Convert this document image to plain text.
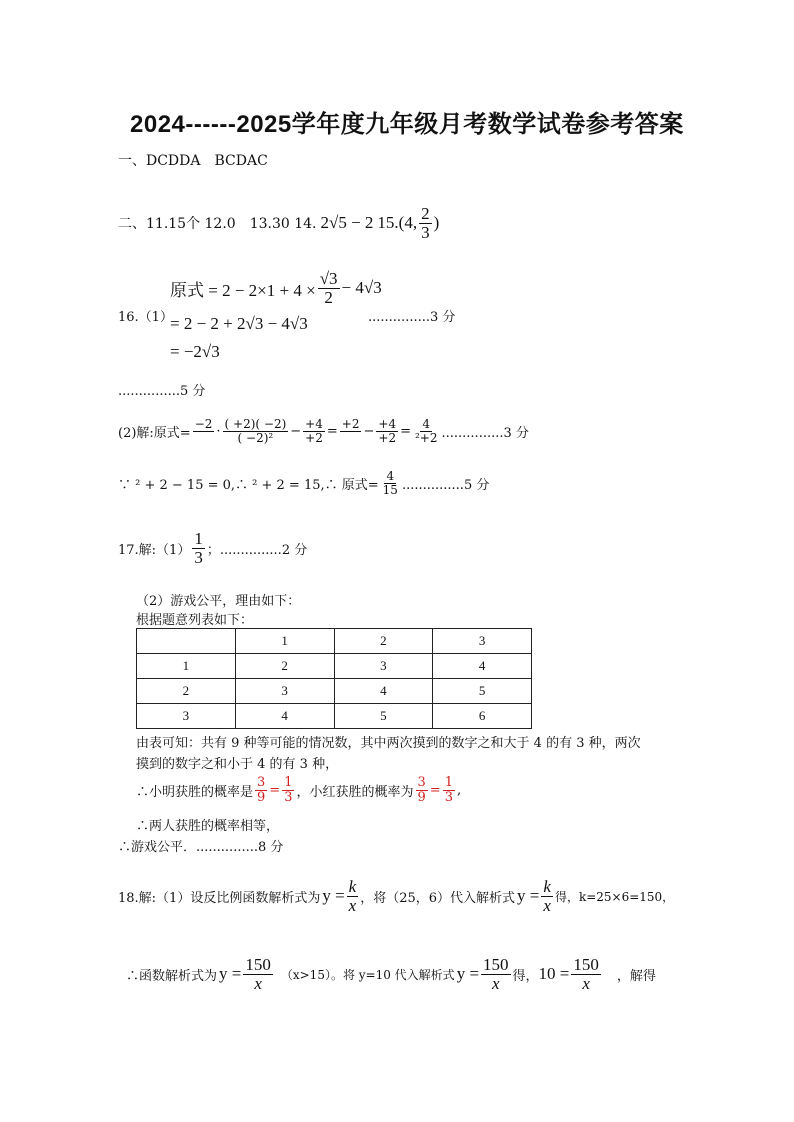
2024------2025学年度九年级月考数学试卷参考答案
一、DCDDA　BCDAC
二、11.15个 12.0　13.30 14. 2√5 − 2 15.(4, $\frac{2}{3}$ )
16.（1）
原式 = $2 - 2\times 1 + 4 \times \frac{√3}{2} - 4√3$
= 2 − 2 + 2√3 − 4√3
= −2√3
...............3 分
...............5 分
(2)解:原式=
−2
· $\frac{( +2)( -2)}{\text{( −2)²}} - \frac{+4}{+2} = +2$
− $\frac{+4}{+2} = \frac{4}{\text{²+2}} ...............3$ 分
∵ ² + 2 − 15 = 0,∴ ² + 2 = 15,∴ 原式= $\frac{4}{15} ...............5$ 分
17.解:（1） $\frac{1}{3}$ ；...............2 分
（2）游戏公平，理由如下：
根据题意列表如下：
	1	2	3
1	2	3	4
2	3	4	5
3	4	5	6
由表可知：共有 9 种等可能的情况数，其中两次摸到的数字之和大于 4 的有 3 种，两次
摸到的数字之和小于 4 的有 3 种，
∴小明获胜的概率是 $\frac{3}{9} = \frac{1}{3}$ ，小红获胜的概率为 $\frac{3}{9} = \frac{1}{3}$ ,
∴两人获胜的概率相等，
∴游戏公平．...............8 分
18.解:（1）设反比例函数解析式为 $y = \frac{k}{x}$ ，将（25，6）代入解析式 $y = \frac{k}{x}$ 得，k=25×6=150，
∴函数解析式为 $y = \frac{150}{x} (x>15)$。将 y=10 代入解析式 $y = \frac{150}{x}$ 得， $10 = \frac{150}{x}$ ，解得
